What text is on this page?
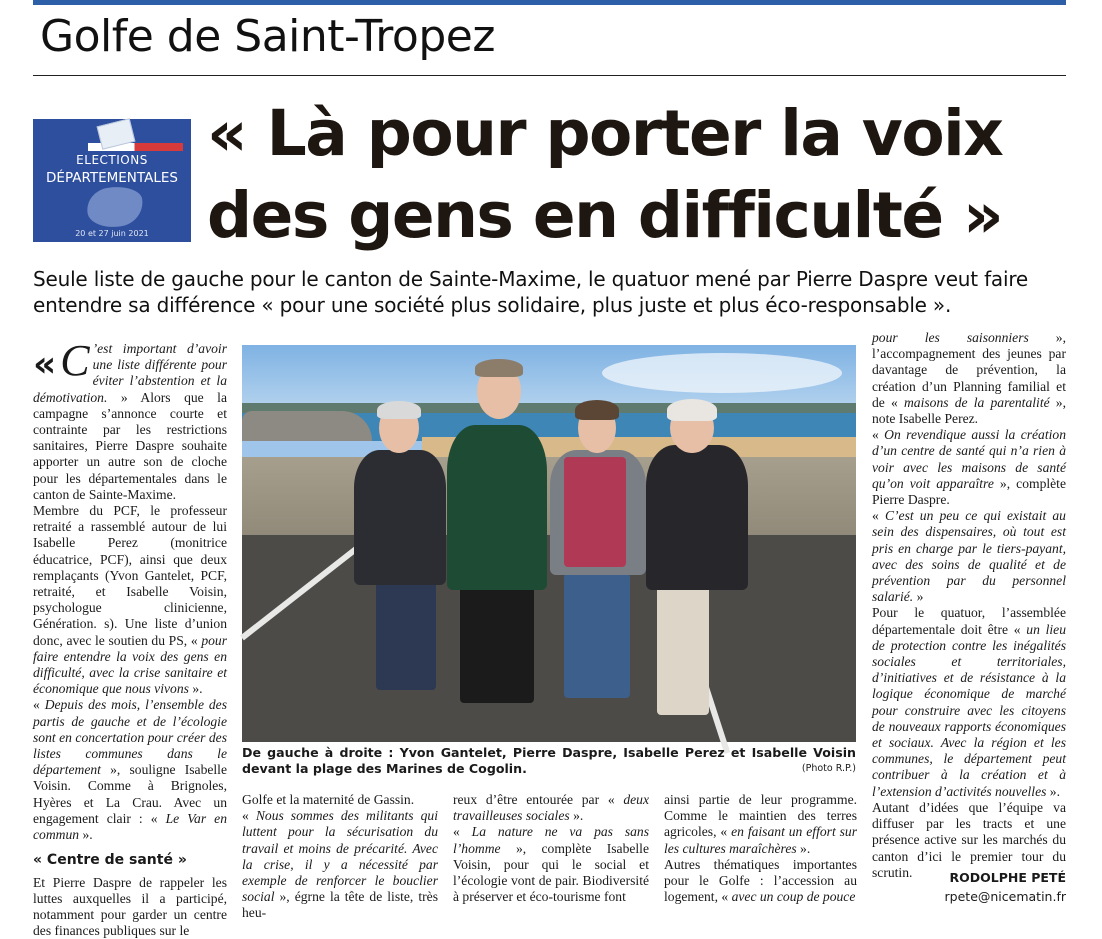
Golfe de Saint-Tropez
ELECTIONS
DÉPARTEMENTALES
20 et 27 juin 2021
« Là pour porter la voix des gens en difficulté »

Seule liste de gauche pour le canton de Sainte-Maxime, le quatuor mené par Pierre Daspre veut faire entendre sa différence « pour une société plus solidaire, plus juste et plus éco-responsable ».

« C ’est important d’avoir une liste différente pour éviter l’abstention et la démotivation. » Alors que la campagne s’annonce courte et contrainte par les restrictions sanitaires, Pierre Daspre souhaite apporter un autre son de cloche pour les départementales dans le canton de Sainte-Maxime.

Membre du PCF, le professeur retraité a rassemblé autour de lui Isabelle Perez (monitrice éducatrice, PCF), ainsi que deux remplaçants (Yvon Gantelet, PCF, retraité, et Isabelle Voisin, psychologue clinicienne, Génération. s). Une liste d’union donc, avec le soutien du PS, « pour faire entendre la voix des gens en difficulté, avec la crise sanitaire et économique que nous vivons ».

« Depuis des mois, l’ensemble des partis de gauche et de l’écologie sont en concertation pour créer des listes communes dans le département », souligne Isabelle Voisin. Comme à Brignoles, Hyères et La Crau. Avec un engagement clair : « Le Var en commun ».

« Centre de santé »

Et Pierre Daspre de rappeler les luttes auxquelles il a participé, notamment pour garder un centre des finances publiques sur le

De gauche à droite : Yvon Gantelet, Pierre Daspre, Isabelle Perez et Isabelle Voisin devant la plage des Marines de Cogolin.	(Photo R.P.)

Golfe et la maternité de Gassin.

« Nous sommes des militants qui luttent pour la sécurisation du travail et moins de précarité. Avec la crise, il y a nécessité par exemple de renforcer le bouclier social », égrne la tête de liste, très heu-

reux d’être entourée par « deux travailleuses sociales ».

« La nature ne va pas sans l’homme », complète Isabelle Voisin, pour qui le social et l’écologie vont de pair. Biodiversité à préserver et éco-tourisme font

ainsi partie de leur programme. Comme le maintien des terres agricoles, « en faisant un effort sur les cultures maraîchères ».

Autres thématiques importantes pour le Golfe : l’accession au logement, « avec un coup de pouce

pour les saisonniers », l’accompagnement des jeunes par davantage de prévention, la création d’un Planning familial et de « maisons de la parentalité », note Isabelle Perez.

« On revendique aussi la création d’un centre de santé qui n’a rien à voir avec les maisons de santé qu’on voit apparaître », complète Pierre Daspre.

« C’est un peu ce qui existait au sein des dispensaires, où tout est pris en charge par le tiers-payant, avec des soins de qualité et de prévention par du personnel salarié. »

Pour le quatuor, l’assemblée départementale doit être « un lieu de protection contre les inégalités sociales et territoriales, d’initiatives et de résistance à la logique économique de marché pour construire avec les citoyens de nouveaux rapports économiques et sociaux. Avec la région et les communes, le département peut contribuer à la création et à l’extension d’activités nouvelles ».

Autant d’idées que l’équipe va diffuser par les tracts et une présence active sur les marchés du canton d’ici le premier tour du scrutin.	RODOLPHE PETÉ
rpete@nicematin.fr
